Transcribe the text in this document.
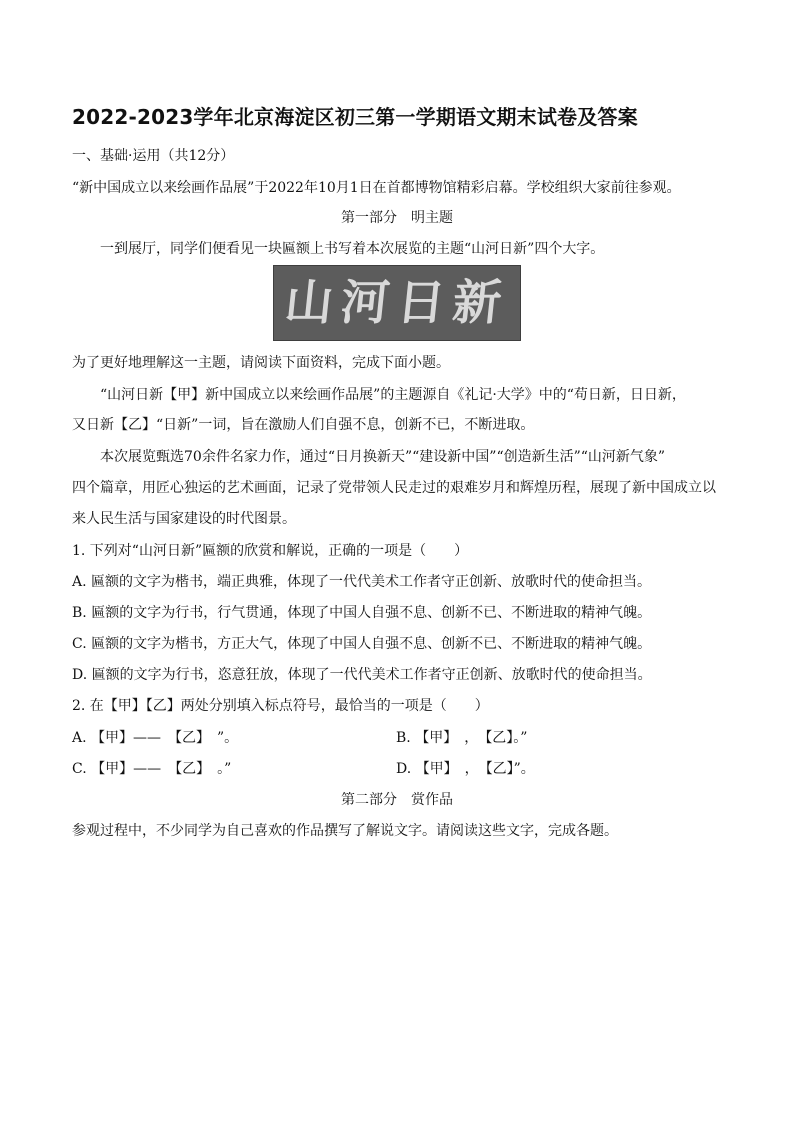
2022-2023学年北京海淀区初三第一学期语文期末试卷及答案

一、基础·运用（共12分）

“新中国成立以来绘画作品展”于2022年10月1日在首都博物馆精彩启幕。学校组织大家前往参观。

第一部分　明主题

一到展厅，同学们便看见一块匾额上书写着本次展览的主题“山河日新”四个大字。

山河日新

为了更好地理解这一主题，请阅读下面资料，完成下面小题。

“山河日新【甲】新中国成立以来绘画作品展”的主题源自《礼记·大学》中的“苟日新，日日新，

又日新【乙】“日新”一词，旨在激励人们自强不息，创新不已，不断进取。

本次展览甄选70余件名家力作，通过“日月换新天”“建设新中国”“创造新生活”“山河新气象”

四个篇章，用匠心独运的艺术画面，记录了党带领人民走过的艰难岁月和辉煌历程，展现了新中国成立以

来人民生活与国家建设的时代图景。

1. 下列对“山河日新”匾额的欣赏和解说，正确的一项是（　　）

A. 匾额的文字为楷书，端正典雅，体现了一代代美术工作者守正创新、放歌时代的使命担当。

B. 匾额的文字为行书，行气贯通，体现了中国人自强不息、创新不已、不断进取的精神气魄。

C. 匾额的文字为楷书，方正大气，体现了中国人自强不息、创新不已、不断进取的精神气魄。

D. 匾额的文字为行书，恣意狂放，体现了一代代美术工作者守正创新、放歌时代的使命担当。

2. 在【甲】【乙】两处分别填入标点符号，最恰当的一项是（　　）

A. 【甲】——　【乙】　”。	B. 【甲】　，　【乙】。”
C. 【甲】——　【乙】　。”	D. 【甲】　，　【乙】”。

第二部分　赏作品

参观过程中，不少同学为自己喜欢的作品撰写了解说文字。请阅读这些文字，完成各题。
